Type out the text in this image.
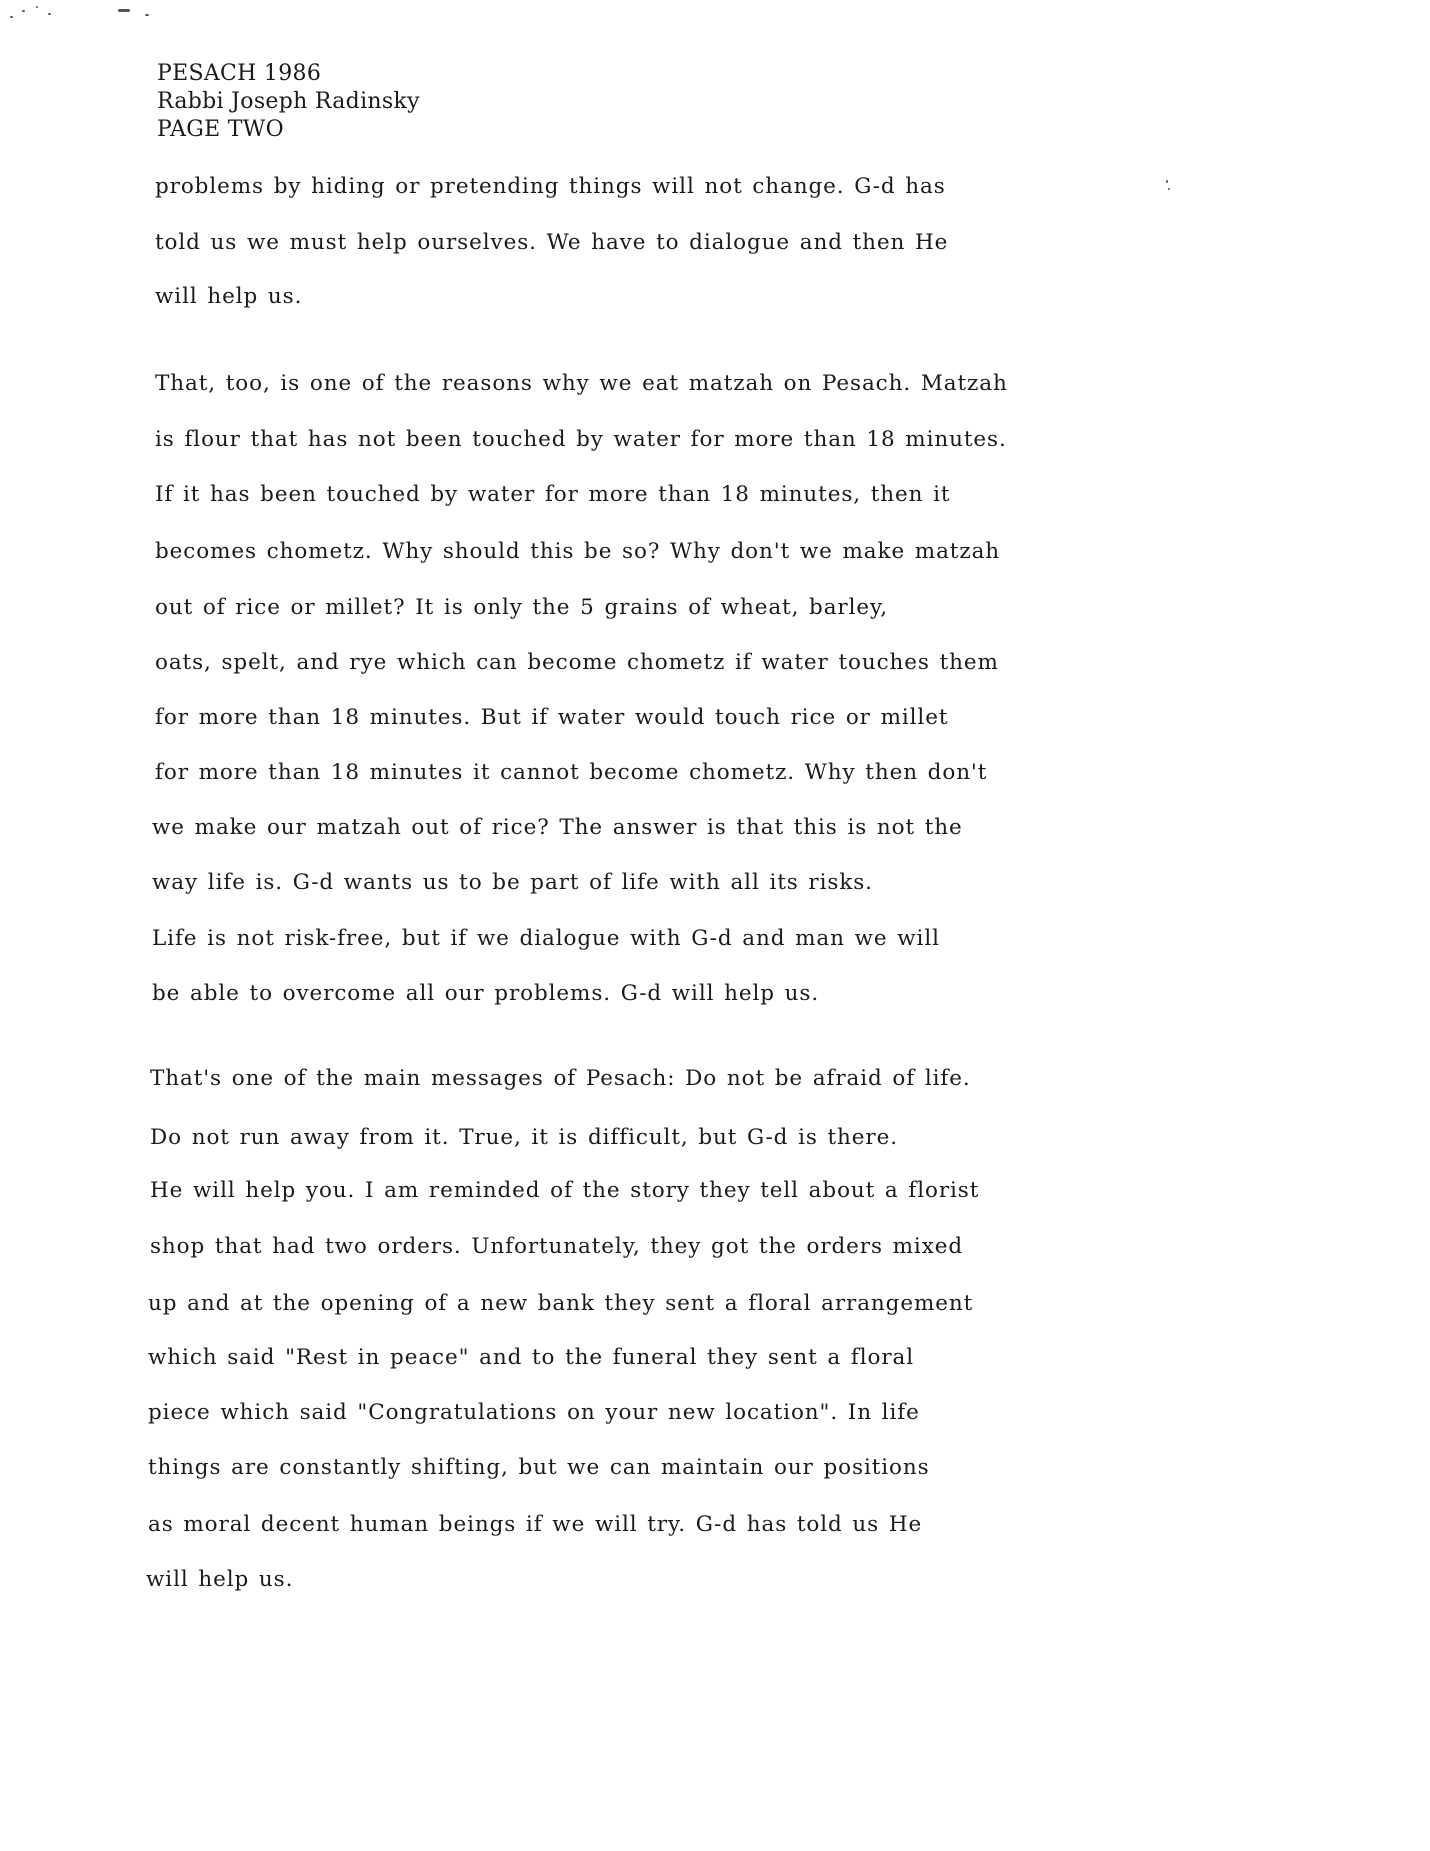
PESACH 1986
Rabbi Joseph Radinsky
PAGE TWO
problems by hiding or pretending things will not change. G-d has
told us we must help ourselves. We have to dialogue and then He
will help us.
That, too, is one of the reasons why we eat matzah on Pesach. Matzah
is flour that has not been touched by water for more than 18 minutes.
If it has been touched by water for more than 18 minutes, then it
becomes chometz. Why should this be so? Why don't we make matzah
out of rice or millet? It is only the 5 grains of wheat, barley,
oats, spelt, and rye which can become chometz if water touches them
for more than 18 minutes. But if water would touch rice or millet
for more than 18 minutes it cannot become chometz. Why then don't
we make our matzah out of rice? The answer is that this is not the
way life is. G-d wants us to be part of life with all its risks.
Life is not risk-free, but if we dialogue with G-d and man we will
be able to overcome all our problems. G-d will help us.
That's one of the main messages of Pesach: Do not be afraid of life.
Do not run away from it. True, it is difficult, but G-d is there.
He will help you. I am reminded of the story they tell about a florist
shop that had two orders. Unfortunately, they got the orders mixed
up and at the opening of a new bank they sent a floral arrangement
which said "Rest in peace" and to the funeral they sent a floral
piece which said "Congratulations on your new location". In life
things are constantly shifting, but we can maintain our positions
as moral decent human beings if we will try. G-d has told us He
will help us.
